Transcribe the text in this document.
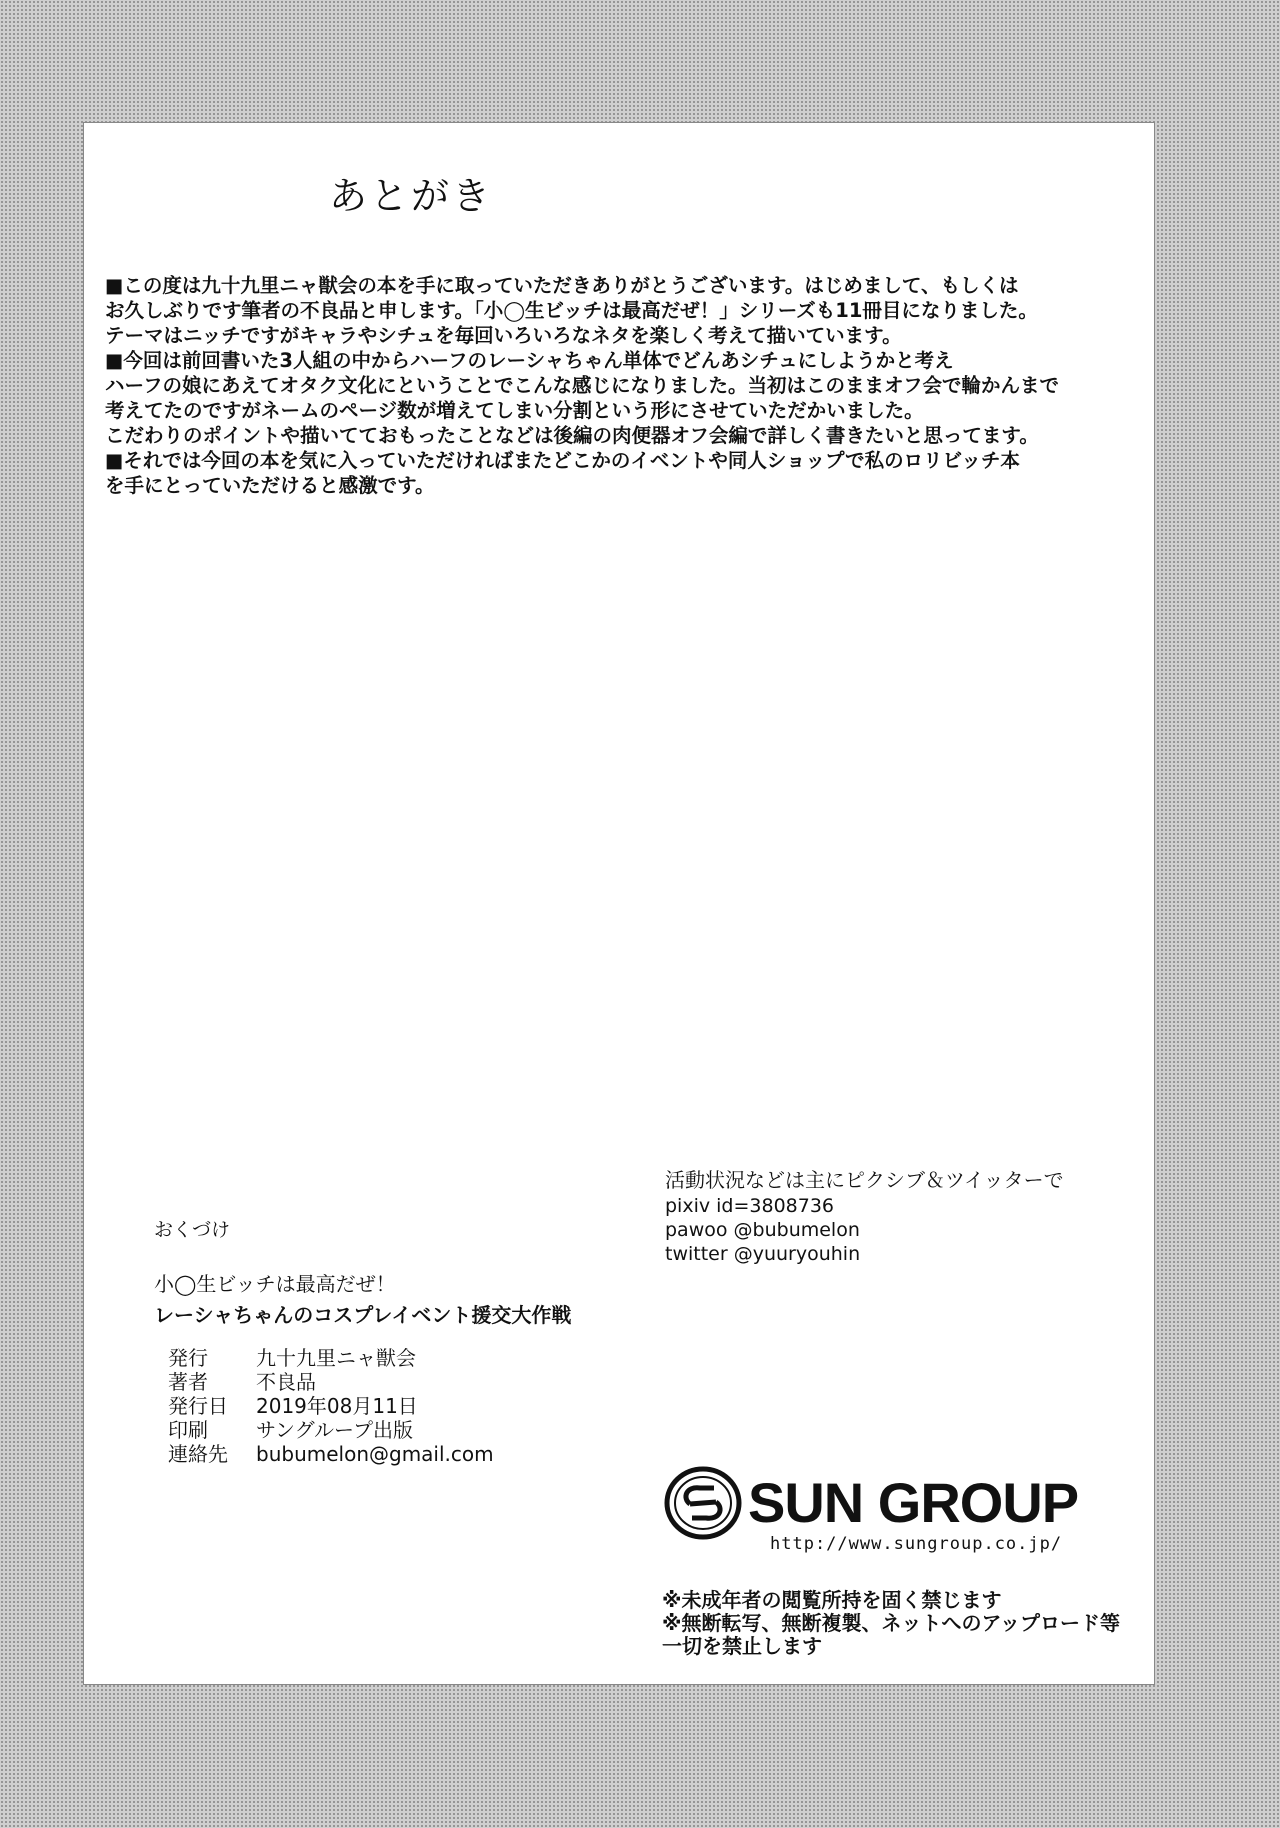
あとがき
■この度は九十九里ニャ獣会の本を手に取っていただきありがとうございます。はじめまして、もしくは
お久しぶりです筆者の不良品と申します。「小◯生ビッチは最高だぜ！」シリーズも11冊目になりました。
テーマはニッチですがキャラやシチュを毎回いろいろなネタを楽しく考えて描いています。
■今回は前回書いた3人組の中からハーフのレーシャちゃん単体でどんあシチュにしようかと考え
ハーフの娘にあえてオタク文化にということでこんな感じになりました。当初はこのままオフ会で輪かんまで
考えてたのですがネームのページ数が増えてしまい分割という形にさせていただかいました。
こだわりのポイントや描いてておもったことなどは後編の肉便器オフ会編で詳しく書きたいと思ってます。
■それでは今回の本を気に入っていただければまたどこかのイベントや同人ショップで私のロリビッチ本
を手にとっていただけると感激です。
おくづけ
小◯生ビッチは最高だぜ！
レーシャちゃんのコスプレイベント援交大作戦
発行	九十九里ニャ獣会
著者	不良品
発行日	2019年08月11日
印刷	サングループ出版
連絡先	bubumelon@gmail.com
活動状況などは主にピクシブ＆ツイッターで
pixiv id=3808736
pawoo @bubumelon
twitter @yuuryouhin
SUN GROUP
http://www.sungroup.co.jp/
※未成年者の閲覧所持を固く禁じます
※無断転写、無断複製、ネットへのアップロード等
一切を禁止します
